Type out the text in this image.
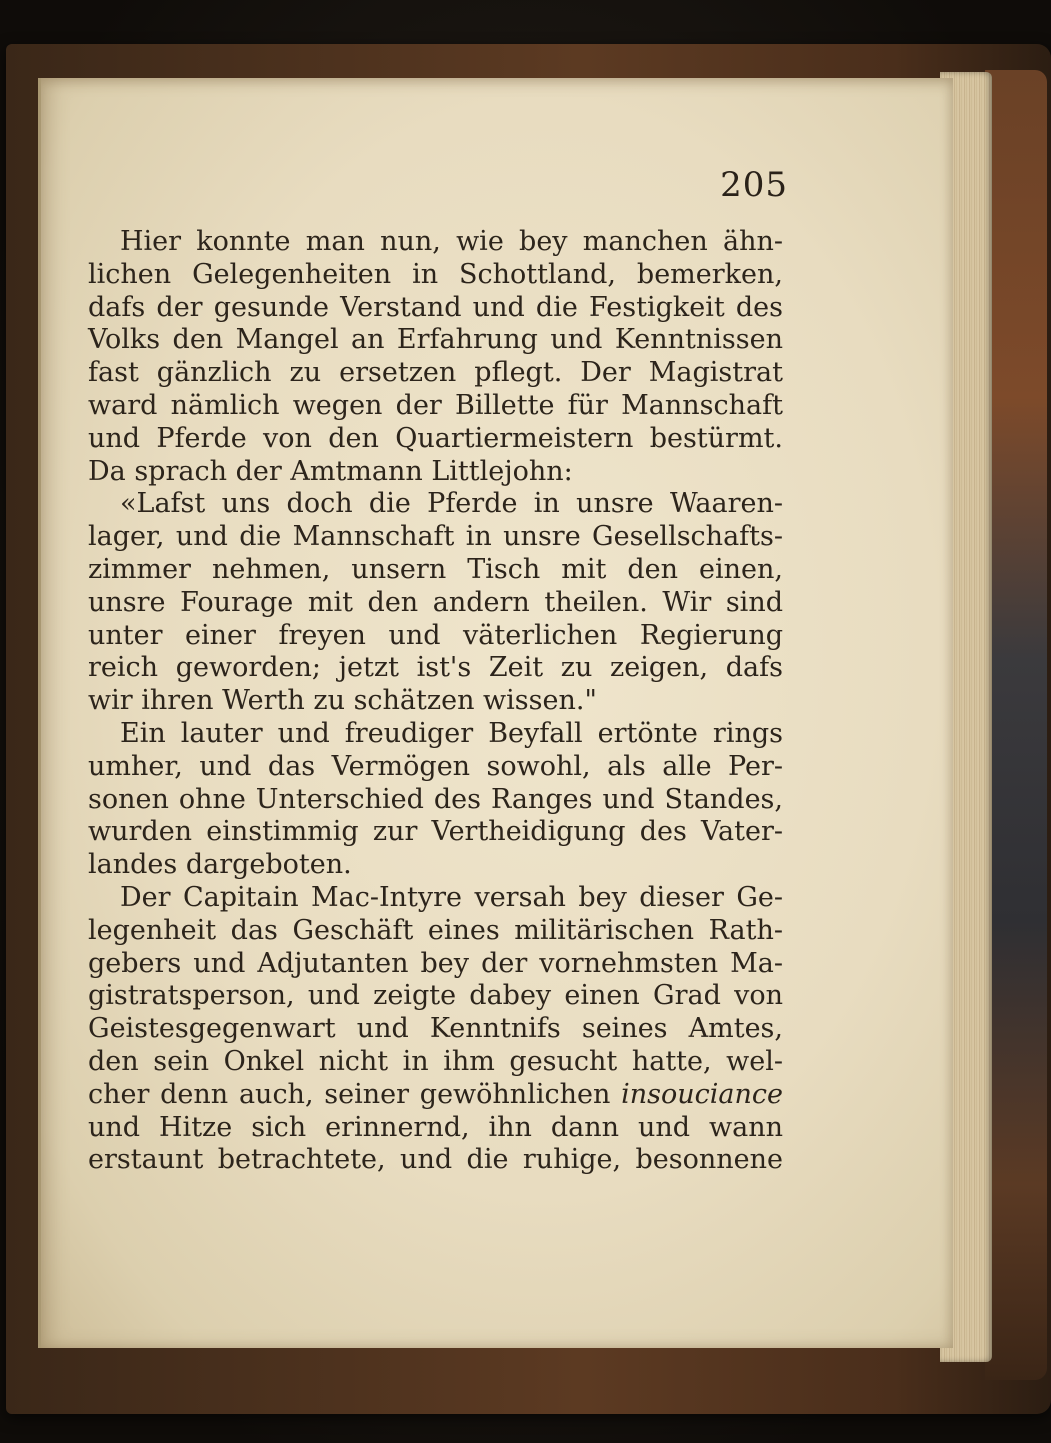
205
Hier konnte man nun, wie bey manchen ähn-
lichen Gelegenheiten in Schottland, bemerken,
dafs der gesunde Verstand und die Festigkeit des
Volks den Mangel an Erfahrung und Kenntnissen
fast gänzlich zu ersetzen pflegt. Der Magistrat
ward nämlich wegen der Billette für Mannschaft
und Pferde von den Quartiermeistern bestürmt.
Da sprach der Amtmann Littlejohn:
«Lafst uns doch die Pferde in unsre Waaren-
lager, und die Mannschaft in unsre Gesellschafts-
zimmer nehmen, unsern Tisch mit den einen,
unsre Fourage mit den andern theilen. Wir sind
unter einer freyen und väterlichen Regierung
reich geworden; jetzt ist's Zeit zu zeigen, dafs
wir ihren Werth zu schätzen wissen."
Ein lauter und freudiger Beyfall ertönte rings
umher, und das Vermögen sowohl, als alle Per-
sonen ohne Unterschied des Ranges und Standes,
wurden einstimmig zur Vertheidigung des Vater-
landes dargeboten.
Der Capitain Mac-Intyre versah bey dieser Ge-
legenheit das Geschäft eines militärischen Rath-
gebers und Adjutanten bey der vornehmsten Ma-
gistratsperson, und zeigte dabey einen Grad von
Geistesgegenwart und Kenntnifs seines Amtes,
den sein Onkel nicht in ihm gesucht hatte, wel-
cher denn auch, seiner gewöhnlichen insouciance
und Hitze sich erinnernd, ihn dann und wann
erstaunt betrachtete, und die ruhige, besonnene
